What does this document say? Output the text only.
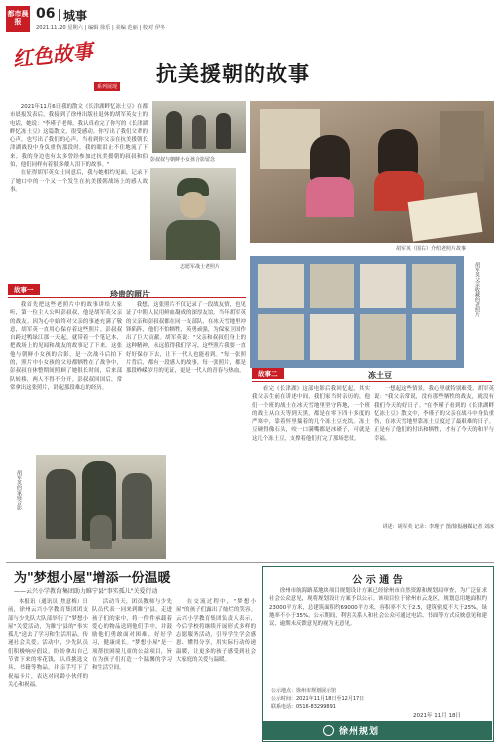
都市晨报	06 城事
2021.11.20 星期六 | 编辑 徐乐 | 美编 范丽 | 校对 伊冬
红色故事
系列展现
抗美援朝的故事

2021年11月6日我的散文《长津湖畔忆冻土豆》在都市晨报发表后，我接到了徐州出版社退休的胡军英女士的电话，她说："李瑾子老师，我认真看完了你写的《长津湖畔忆冻土豆》这篇散文，很受感动。你写出了我们父辈的心声，也写出了我们的心声。当看到你父亲在抗美援朝长津湖战役中身负重伤那段时，我的眼泪止不住地流了下来。我的身边也有太多曾经参加过抗美援朝的叔叔和伯伯，他们同样有着很多催人泪下的故事。"

在征得胡军英女士同意后，我与她相约见面，记录下了她口中的一个又一个发生在抗美援朝战场上的感人故事。

彭叔叔与朝鲜小女孩合影留念
志愿军战士老照片
胡军英（围右）介绍老照片故事
故事一	珍贵的照片

我首先把这些老照片中的故事讲给大家听，第一位主人公叫彭叔叔，他是胡军英父亲的战友。因为心中始终对父亲的事迹充满了敬意，胡军英一直用心保存着这些照片。彭叔叔自跨过鸭绿江那一天起，就带着一个笔记本，把战场上的见闻和战友的故事记了下来。这张他与朝鲜小女孩的合影，是一次战斗后拍下的，照片中小女孩的父母都牺牲在了战争中，彭叔叔在休整期间照顾了她很长时间，后来部队转移，两人不得不分开。彭叔叔回国后，常常拿出这张照片，讲起那段难忘的经历。

我想，这张照片不仅记录了一段战友情，也见证了中朝人民用鲜血凝成的深厚友谊。当年胡军英的父亲和彭叔叔都在同一支部队，在冰天雪地里冲锋陷阵，他们不怕牺牲，英勇顽强，为保家卫国作出了巨大贡献。胡军英说："父亲和叔叔们身上的这种精神，永远值得我们学习，这些照片我要一直好好保存下去，让下一代人也能看到。"每一张照片背后，都有一段感人的故事，每一张照片，都是那段峥嵘岁月的见证，更是一代人的青春与热血。

胡军英父亲收藏的老照片
胡军英的家庭合影
故事二	冻土豆

看完《长津湖》这部电影后我回忆起，其实我父亲生前在讲述中间，我们家当时亲历的，他们一个班的战士在冰天雪地里坚守阵地，一个班的战士从白天等到天黑，都是在零下四十多度的严寒中，靠着怀里揣着的几个冻土豆充饥。冻土豆硬得像石头，咬一口满嘴都是冰碴子，可就是这几个冻土豆，支撑着他们打完了那场恶仗。

一想起这些情景，我心里就特别难受。胡军英说："我父亲常说，没有那些牺牲的战友，就没有我们今天的好日子。"在李瑾子看到的《长津湖畔忆冻土豆》散文中，李瑾子的父亲在战斗中身负重伤，在冰天雪地里靠冻土豆度过了最艰难的日子。正是有了他们的付出和牺牲，才有了今天的和平与幸福。

讲述：胡军英 记录：李瑾子 图/徐报融媒记者 刘冰
为"梦想小屋"增添一份温暖
——云兴小学教育集团助力睢宁县"事实孤儿"关爱行动

本报讯（通讯员 焦意梅）日前，徐州云兴小学教育集团团支部与少先队大队部举行了"梦想小屋"关爱活动，为睢宁县的"事实孤儿"送去了学习和生活用品，传递社会关爱。活动中，少先队员们积极响应倡议，纷纷拿出自己节省下来的零花钱，认真挑选文具、书籍等物品，并亲手写下了祝福卡片，表达对同龄小伙伴的关心和祝福。

活动当天，团员教师与少先队员代表一同来到睢宁县，走进孩子们的家中，将一件件承载着爱心的物品送到他们手中，并鼓励他们勇敢面对困难，好好学习，健康成长。"梦想小屋"是一项帮扶困境儿童的公益项目，旨在为孩子们打造一个温馨的学习和生活空间。

在交流过程中，"梦想小屋"的孩子们露出了灿烂的笑容。云兴小学教育集团负责人表示，今后学校将继续开展形式多样的志愿服务活动，引导学生学会感恩、懂得分享，用实际行动传递温暖，让更多的孩子感受到社会大家庭的关爱与温暖。

公 示 通 告

徐州市航海路某地块项目规划设计方案已经徐州市自然资源和规划局审查，为广泛征求社会公众意见，现将规划设计方案予以公示。该项目位于徐州市云龙区，规划总用地面积约23000平方米，总建筑面积约69000平方米，容积率不大于2.5，建筑密度不大于25%，绿地率不小于35%。公示期间，利害关系人和社会公众可通过电话、书面等方式反映意见和建议，逾期未反馈意见的视为无意见。

公示地点：徐州市规划展示馆
公示时间：2021年11月18日至12月17日
联系电话：0516-83299891
2021年 11月 18日
徐州规划
